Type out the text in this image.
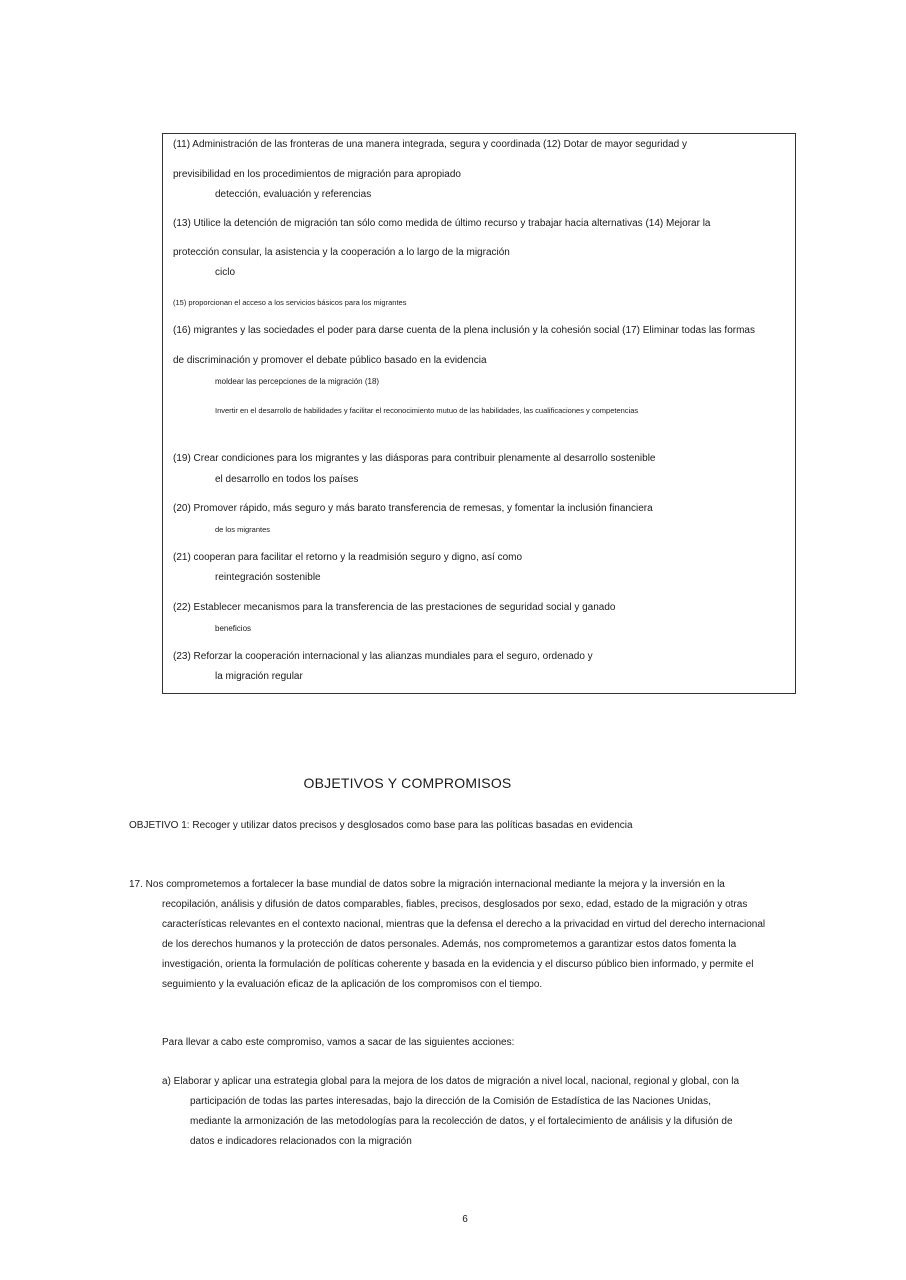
(11) Administración de las fronteras de una manera integrada, segura y coordinada (12) Dotar de mayor seguridad y

previsibilidad en los procedimientos de migración para apropiado

detección, evaluación y referencias

(13) Utilice la detención de migración tan sólo como medida de último recurso y trabajar hacia alternativas (14) Mejorar la

protección consular, la asistencia y la cooperación a lo largo de la migración

ciclo

(15) proporcionan el acceso a los servicios básicos para los migrantes

(16) migrantes y las sociedades el poder para darse cuenta de la plena inclusión y la cohesión social (17) Eliminar todas las formas

de discriminación y promover el debate público basado en la evidencia

moldear las percepciones de la migración (18)

Invertir en el desarrollo de habilidades y facilitar el reconocimiento mutuo de las habilidades, las cualificaciones y competencias

(19) Crear condiciones para los migrantes y las diásporas para contribuir plenamente al desarrollo sostenible

el desarrollo en todos los países

(20) Promover rápido, más seguro y más barato transferencia de remesas, y fomentar la inclusión financiera

de los migrantes

(21) cooperan para facilitar el retorno y la readmisión seguro y digno, así como

reintegración sostenible

(22) Establecer mecanismos para la transferencia de las prestaciones de seguridad social y ganado

beneficios

(23) Reforzar la cooperación internacional y las alianzas mundiales para el seguro, ordenado y

la migración regular

OBJETIVOS Y COMPROMISOS

OBJETIVO 1: Recoger y utilizar datos precisos y desglosados como base para las políticas basadas en evidencia

17. Nos comprometemos a fortalecer la base mundial de datos sobre la migración internacional mediante la mejora y la inversión en la

recopilación, análisis y difusión de datos comparables, fiables, precisos, desglosados por sexo, edad, estado de la migración y otras

características relevantes en el contexto nacional, mientras que la defensa el derecho a la privacidad en virtud del derecho internacional

de los derechos humanos y la protección de datos personales. Además, nos comprometemos a garantizar estos datos fomenta la

investigación, orienta la formulación de políticas coherente y basada en la evidencia y el discurso público bien informado, y permite el

seguimiento y la evaluación eficaz de la aplicación de los compromisos con el tiempo.

Para llevar a cabo este compromiso, vamos a sacar de las siguientes acciones:

a) Elaborar y aplicar una estrategia global para la mejora de los datos de migración a nivel local, nacional, regional y global, con la

participación de todas las partes interesadas, bajo la dirección de la Comisión de Estadística de las Naciones Unidas,

mediante la armonización de las metodologías para la recolección de datos, y el fortalecimiento de análisis y la difusión de

datos e indicadores relacionados con la migración

6
